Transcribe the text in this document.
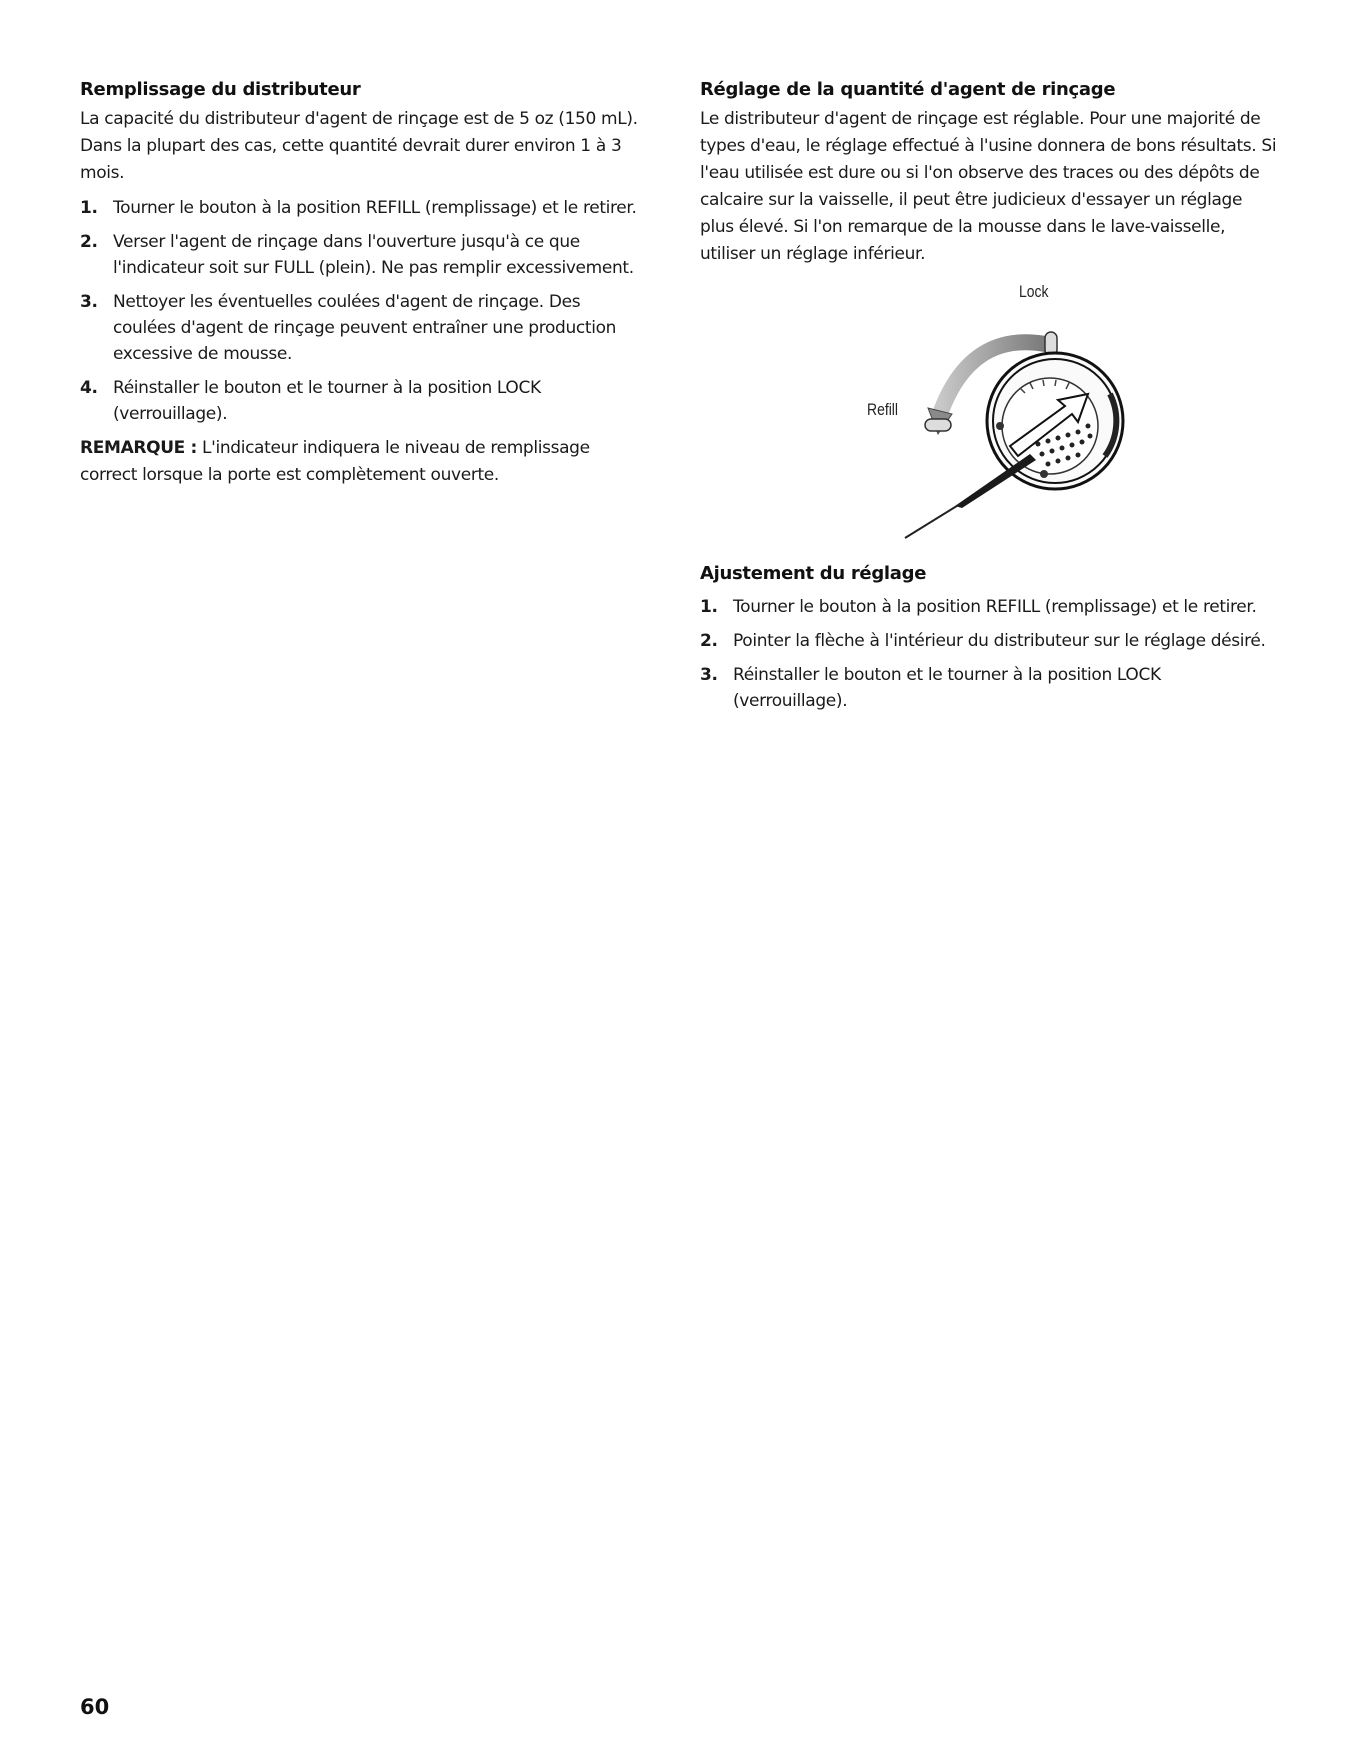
Remplissage du distributeur

La capacité du distributeur d'agent de rinçage est de 5 oz (150 mL). Dans la plupart des cas, cette quantité devrait durer environ 1 à 3 mois.

1. Tourner le bouton à la position REFILL (remplissage) et le retirer.
2. Verser l'agent de rinçage dans l'ouverture jusqu'à ce que l'indicateur soit sur FULL (plein). Ne pas remplir excessivement.
3. Nettoyer les éventuelles coulées d'agent de rinçage. Des coulées d'agent de rinçage peuvent entraîner une production excessive de mousse.
4. Réinstaller le bouton et le tourner à la position LOCK (verrouillage).

REMARQUE : L'indicateur indiquera le niveau de remplissage correct lorsque la porte est complètement ouverte.

Réglage de la quantité d'agent de rinçage

Le distributeur d'agent de rinçage est réglable. Pour une majorité de types d'eau, le réglage effectué à l'usine donnera de bons résultats. Si l'eau utilisée est dure ou si l'on observe des traces ou des dépôts de calcaire sur la vaisselle, il peut être judicieux d'essayer un réglage plus élevé. Si l'on remarque de la mousse dans le lave-vaisselle, utiliser un réglage inférieur.

Lock
Refill
Ajustement du réglage
1. Tourner le bouton à la position REFILL (remplissage) et le retirer.
2. Pointer la flèche à l'intérieur du distributeur sur le réglage désiré.
3. Réinstaller le bouton et le tourner à la position LOCK (verrouillage).
60
